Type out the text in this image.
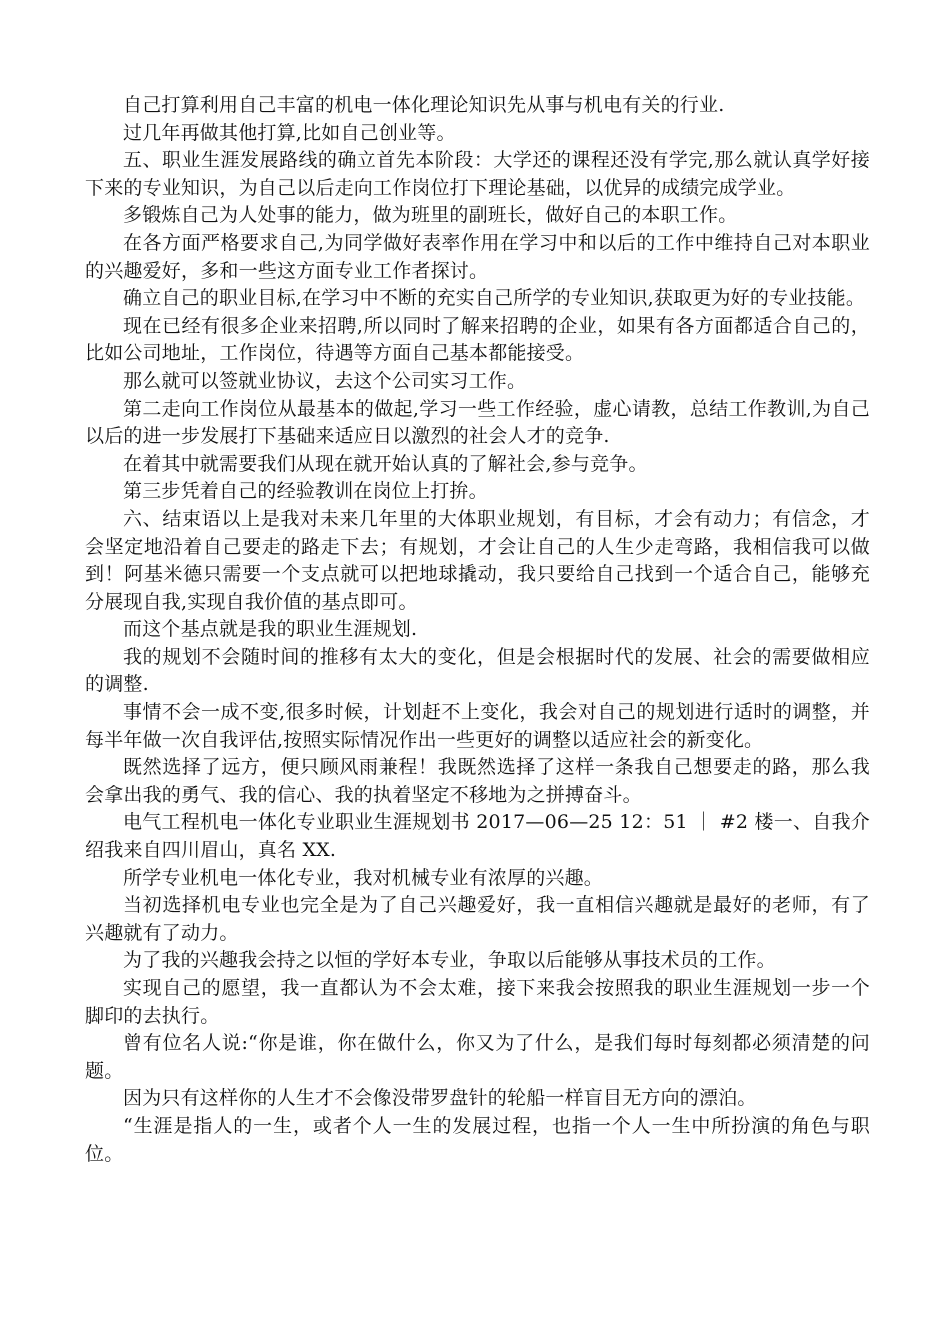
自己打算利用自己丰富的机电一体化理论知识先从事与机电有关的行业.

过几年再做其他打算,比如自己创业等。

五、职业生涯发展路线的确立首先本阶段：大学还的课程还没有学完,那么就认真学好接下来的专业知识，为自己以后走向工作岗位打下理论基础，以优异的成绩完成学业。

多锻炼自己为人处事的能力，做为班里的副班长，做好自己的本职工作。

在各方面严格要求自己,为同学做好表率作用在学习中和以后的工作中维持自己对本职业的兴趣爱好，多和一些这方面专业工作者探讨。

确立自己的职业目标,在学习中不断的充实自己所学的专业知识,获取更为好的专业技能。

现在已经有很多企业来招聘,所以同时了解来招聘的企业，如果有各方面都适合自己的，比如公司地址，工作岗位，待遇等方面自己基本都能接受。

那么就可以签就业协议，去这个公司实习工作。

第二走向工作岗位从最基本的做起,学习一些工作经验，虚心请教，总结工作教训,为自己以后的进一步发展打下基础来适应日以激烈的社会人才的竞争.

在着其中就需要我们从现在就开始认真的了解社会,参与竞争。

第三步凭着自己的经验教训在岗位上打拚。

六、结束语以上是我对未来几年里的大体职业规划，有目标，才会有动力；有信念，才会坚定地沿着自己要走的路走下去；有规划，才会让自己的人生少走弯路，我相信我可以做到！阿基米德只需要一个支点就可以把地球撬动，我只要给自己找到一个适合自己，能够充分展现自我,实现自我价值的基点即可。

而这个基点就是我的职业生涯规划.

我的规划不会随时间的推移有太大的变化，但是会根据时代的发展、社会的需要做相应的调整.

事情不会一成不变,很多时候，计划赶不上变化，我会对自己的规划进行适时的调整，并每半年做一次自我评估,按照实际情况作出一些更好的调整以适应社会的新变化。

既然选择了远方，便只顾风雨兼程！我既然选择了这样一条我自己想要走的路，那么我会拿出我的勇气、我的信心、我的执着坚定不移地为之拼搏奋斗。

电气工程机电一体化专业职业生涯规划书 2017—06—25 12：51 ｜ #2 楼一、自我介绍我来自四川眉山，真名 XX.

所学专业机电一体化专业，我对机械专业有浓厚的兴趣。

当初选择机电专业也完全是为了自己兴趣爱好，我一直相信兴趣就是最好的老师，有了兴趣就有了动力。

为了我的兴趣我会持之以恒的学好本专业，争取以后能够从事技术员的工作。

实现自己的愿望，我一直都认为不会太难，接下来我会按照我的职业生涯规划一步一个脚印的去执行。

曾有位名人说:“你是谁，你在做什么，你又为了什么，是我们每时每刻都必须清楚的问题。

因为只有这样你的人生才不会像没带罗盘针的轮船一样盲目无方向的漂泊。

“生涯是指人的一生，或者个人一生的发展过程，也指一个人一生中所扮演的角色与职位。
